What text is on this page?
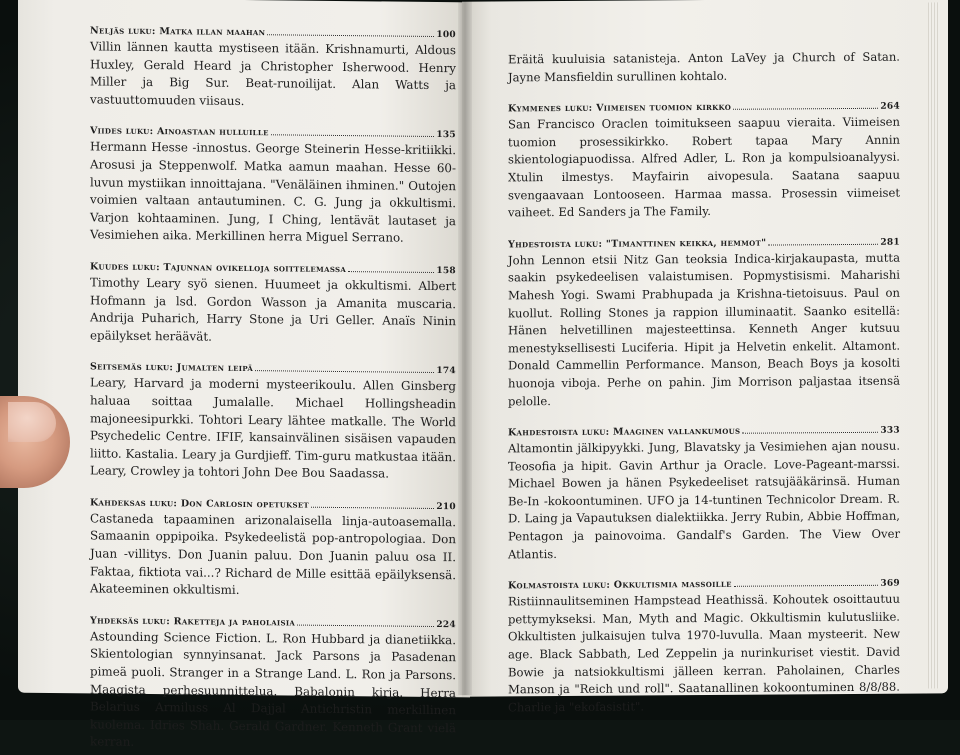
Neljäs luku: Matka illan maahan	100
Villin lännen kautta mystiseen itään. Krishnamurti, Aldous Huxley, Gerald Heard ja Christopher Isherwood. Henry Miller ja Big Sur. Beat-runoilijat. Alan Watts ja vastuuttomuuden viisaus.
Viides luku: Ainoastaan hulluille	135
Hermann Hesse -innostus. George Steinerin Hesse-kritiikki. Arosusi ja Steppenwolf. Matka aamun maahan. Hesse 60-luvun mystiikan innoittajana. "Venäläinen ihminen." Outojen voimien valtaan antautuminen. C. G. Jung ja okkultismi. Varjon kohtaaminen. Jung, I Ching, lentävät lautaset ja Vesimiehen aika. Merkillinen herra Miguel Serrano.
Kuudes luku: Tajunnan ovikelloja soittelemassa	158
Timothy Leary syö sienen. Huumeet ja okkultismi. Albert Hofmann ja lsd. Gordon Wasson ja Amanita muscaria. Andrija Puharich, Harry Stone ja Uri Geller. Anaïs Ninin epäilykset heräävät.
Seitsemäs luku: Jumalten leipä	174
Leary, Harvard ja moderni mysteerikoulu. Allen Ginsberg haluaa soittaa Jumalalle. Michael Hollingsheadin majoneesipurkki. Tohtori Leary lähtee matkalle. The World Psychedelic Centre. IFIF, kansainvälinen sisäisen vapauden liitto. Kastalia. Leary ja Gurdjieff. Tim-guru matkustaa itään. Leary, Crowley ja tohtori John Dee Bou Saadassa.
Kahdeksas luku: Don Carlosin opetukset	210
Castaneda tapaaminen arizonalaisella linja-autoasemalla. Samaanin oppipoika. Psykedeelistä pop-antropologiaa. Don Juan -villitys. Don Juanin paluu. Don Juanin paluu osa II. Faktaa, fiktiota vai...? Richard de Mille esittää epäilyksensä. Akateeminen okkultismi.
Yhdeksäs luku: Raketteja ja paholaisia	224
Astounding Science Fiction. L. Ron Hubbard ja dianetiikka. Skientologian synnyinsanat. Jack Parsons ja Pasadenan pimeä puoli. Stranger in a Strange Land. L. Ron ja Parsons. Maagista perhesuunnittelua. Babalonin kirja. Herra Belarius Armiluss Al Dajjal Antichristin merkillinen kuolema. Idries Shah. Gerald Gardner. Kenneth Grant vielä kerran.
Eräitä kuuluisia satanisteja. Anton LaVey ja Church of Satan. Jayne Mansfieldin surullinen kohtalo.
Kymmenes luku: Viimeisen tuomion kirkko	264
San Francisco Oraclen toimitukseen saapuu vieraita. Viimeisen tuomion prosessikirkko. Robert tapaa Mary Annin skientologiapuodissa. Alfred Adler, L. Ron ja kompulsioanalyysi. Xtulin ilmestys. Mayfairin aivopesula. Saatana saapuu svengaavaan Lontooseen. Harmaa massa. Prosessin viimeiset vaiheet. Ed Sanders ja The Family.
Yhdestoista luku: "Timanttinen keikka, hemmot"	281
John Lennon etsii Nitz Gan teoksia Indica-kirjakaupasta, mutta saakin psykedeelisen valaistumisen. Popmystisismi. Maharishi Mahesh Yogi. Swami Prabhupada ja Krishna-tietoisuus. Paul on kuollut. Rolling Stones ja rappion illuminaatit. Saanko esitellä: Hänen helvetillinen majesteettinsa. Kenneth Anger kutsuu menestyksellisesti Luciferia. Hipit ja Helvetin enkelit. Altamont. Donald Cammellin Performance. Manson, Beach Boys ja kosolti huonoja viboja. Perhe on pahin. Jim Morrison paljastaa itsensä pelolle.
Kahdestoista luku: Maaginen vallankumous	333
Altamontin jälkipyykki. Jung, Blavatsky ja Vesimiehen ajan nousu. Teosofia ja hipit. Gavin Arthur ja Oracle. Love-Pageant-marssi. Michael Bowen ja hänen Psykedeeliset ratsujääkärinsä. Human Be-In -kokoontuminen. UFO ja 14-tuntinen Technicolor Dream. R. D. Laing ja Vapautuksen dialektiikka. Jerry Rubin, Abbie Hoffman, Pentagon ja painovoima. Gandalf's Garden. The View Over Atlantis.
Kolmastoista luku: Okkultismia massoille	369
Ristiinnaulitseminen Hampstead Heathissä. Kohoutek osoittautuu pettymykseksi. Man, Myth and Magic. Okkultismin kulutusliike. Okkultisten julkaisujen tulva 1970-luvulla. Maan mysteerit. New age. Black Sabbath, Led Zeppelin ja nurinkuriset viestit. David Bowie ja natsiokkultismi jälleen kerran. Paholainen, Charles Manson ja "Reich und roll". Saatanallinen kokoontuminen 8/8/88. Charlie ja "ekofasistit".
